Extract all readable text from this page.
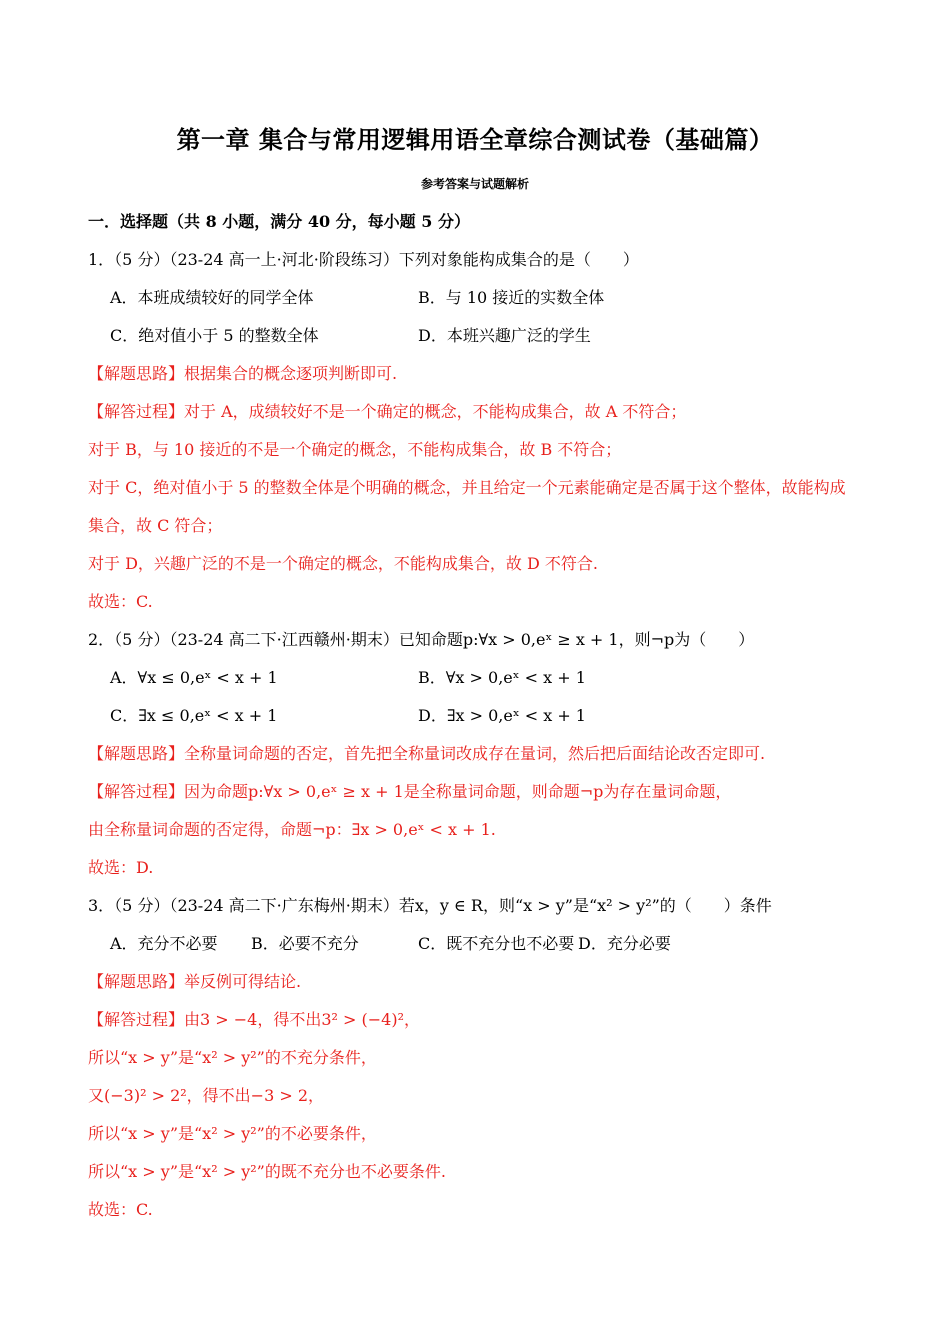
第一章 集合与常用逻辑用语全章综合测试卷（基础篇）
参考答案与试题解析
一．选择题（共 8 小题，满分 40 分，每小题 5 分）
1．（5 分）（23-24 高一上·河北·阶段练习）下列对象能构成集合的是（　　）
A．本班成绩较好的同学全体	B．与 10 接近的实数全体
C．绝对值小于 5 的整数全体	D．本班兴趣广泛的学生
【解题思路】根据集合的概念逐项判断即可.
【解答过程】对于 A，成绩较好不是一个确定的概念，不能构成集合，故 A 不符合；
对于 B，与 10 接近的不是一个确定的概念，不能构成集合，故 B 不符合；
对于 C，绝对值小于 5 的整数全体是个明确的概念，并且给定一个元素能确定是否属于这个整体，故能构成
集合，故 C 符合；
对于 D，兴趣广泛的不是一个确定的概念，不能构成集合，故 D 不符合.
故选：C.
2．（5 分）（23-24 高二下·江西赣州·期末）已知命题p:∀x > 0,eˣ ≥ x + 1，则¬p为（　　）
A．∀x ≤ 0,eˣ < x + 1	B．∀x > 0,eˣ < x + 1
C．∃x ≤ 0,eˣ < x + 1	D．∃x > 0,eˣ < x + 1
【解题思路】全称量词命题的否定，首先把全称量词改成存在量词，然后把后面结论改否定即可.
【解答过程】因为命题p:∀x > 0,eˣ ≥ x + 1是全称量词命题，则命题¬p为存在量词命题，
由全称量词命题的否定得，命题¬p：∃x > 0,eˣ < x + 1.
故选：D.
3．（5 分）（23-24 高二下·广东梅州·期末）若x，y ∈ R，则“x > y”是“x² > y²”的（　　）条件
A．充分不必要 B．必要不充分	C．既不充分也不必要 D．充分必要
【解题思路】举反例可得结论.
【解答过程】由3 > −4，得不出3² > (−4)²，
所以“x > y”是“x² > y²”的不充分条件，
又(−3)² > 2²，得不出−3 > 2，
所以“x > y”是“x² > y²”的不必要条件，
所以“x > y”是“x² > y²”的既不充分也不必要条件.
故选：C.
